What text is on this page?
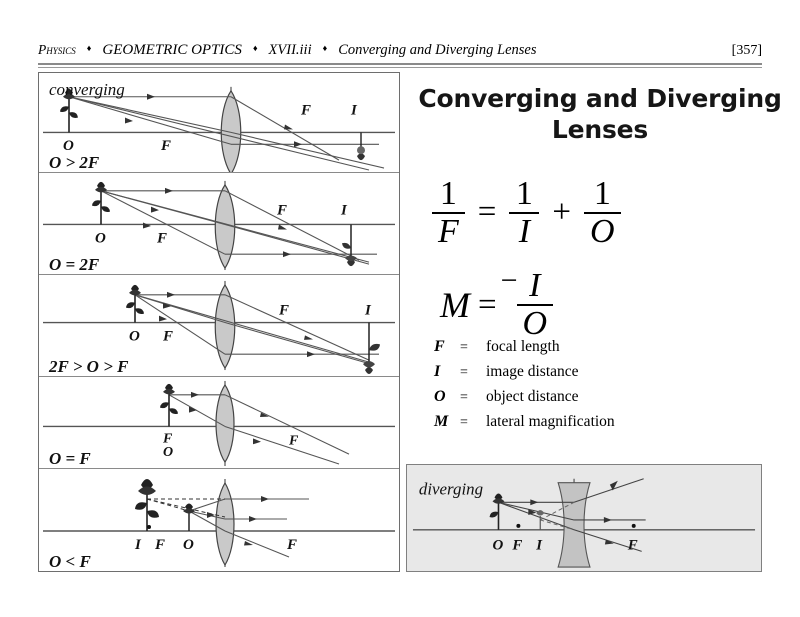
Physics	♦ GEOMETRIC OPTICS	♦ XVII.iii	♦ Converging and Diverging Lenses	[357]
converging
O	F
F	I
O > 2F
O	F
F	I
O = 2F
O F
F	I
2F > O > F
F
O
F
O = F
I F O	F
O < F
Converging and Diverging
Lenses
$\frac{1}{F} = \frac{1}{I} + \frac{1}{O}$
M =
− $\frac{I}{O}$
F	=	focal length
I	=	image distance
O	=	object distance
M =	lateral magnification
diverging
O F I	F
